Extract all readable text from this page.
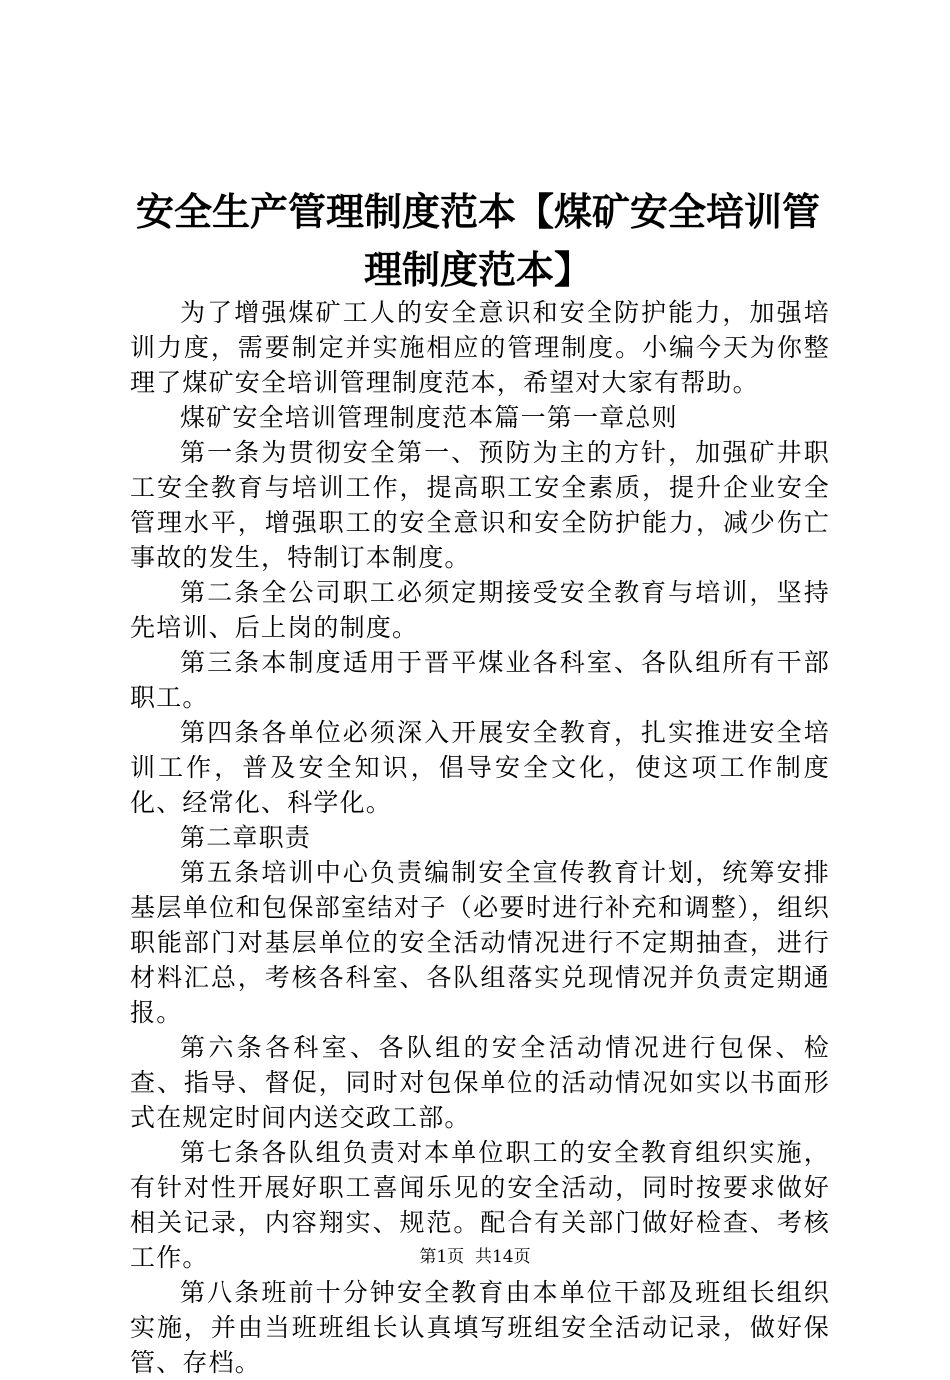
安全生产管理制度范本【煤矿安全培训管理制度范本】

为了增强煤矿工人的安全意识和安全防护能力，加强培训力度，需要制定并实施相应的管理制度。小编今天为你整理了煤矿安全培训管理制度范本，希望对大家有帮助。

煤矿安全培训管理制度范本篇一第一章总则

第一条为贯彻安全第一、预防为主的方针，加强矿井职工安全教育与培训工作，提高职工安全素质，提升企业安全管理水平，增强职工的安全意识和安全防护能力，减少伤亡事故的发生，特制订本制度。

第二条全公司职工必须定期接受安全教育与培训，坚持先培训、后上岗的制度。

第三条本制度适用于晋平煤业各科室、各队组所有干部职工。

第四条各单位必须深入开展安全教育，扎实推进安全培训工作，普及安全知识，倡导安全文化，使这项工作制度化、经常化、科学化。

第二章职责

第五条培训中心负责编制安全宣传教育计划，统筹安排基层单位和包保部室结对子（必要时进行补充和调整），组织职能部门对基层单位的安全活动情况进行不定期抽查，进行材料汇总，考核各科室、各队组落实兑现情况并负责定期通报。

第六条各科室、各队组的安全活动情况进行包保、检查、指导、督促，同时对包保单位的活动情况如实以书面形式在规定时间内送交政工部。

第七条各队组负责对本单位职工的安全教育组织实施，有针对性开展好职工喜闻乐见的安全活动，同时按要求做好相关记录，内容翔实、规范。配合有关部门做好检查、考核工作。

第八条班前十分钟安全教育由本单位干部及班组长组织实施，并由当班班组长认真填写班组安全活动记录，做好保管、存档。

第1页  共14页
